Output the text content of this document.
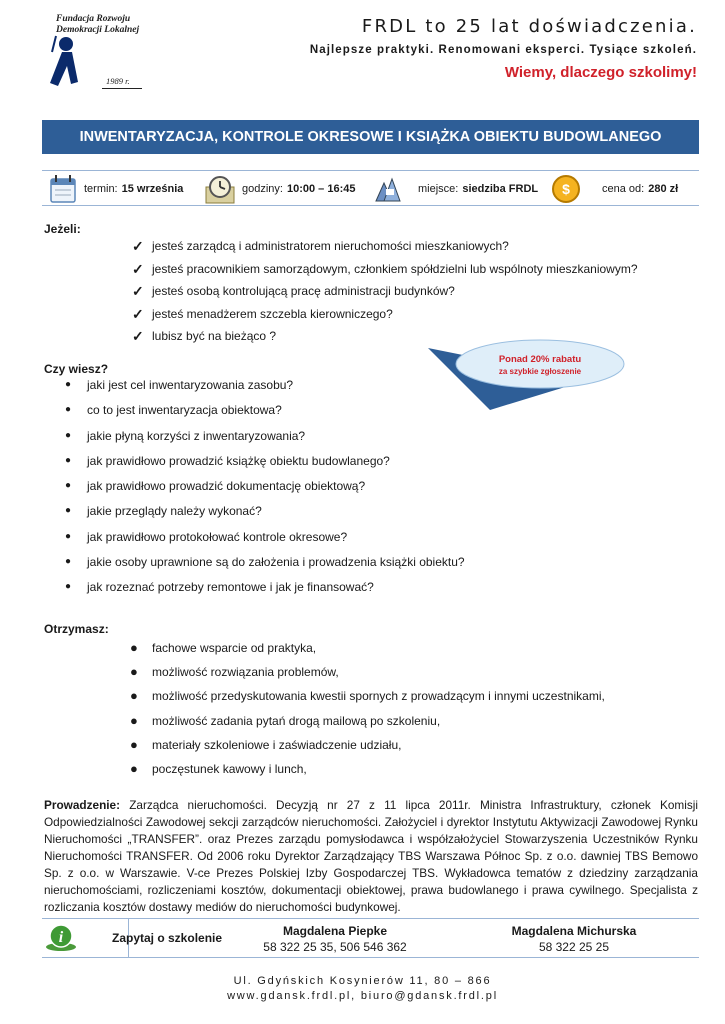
Fundacja Rozwoju
Demokracji Lokalnej
1989 r.
FRDL to 25 lat doświadczenia.
Najlepsze praktyki. Renomowani eksperci. Tysiące szkoleń.
Wiemy, dlaczego szkolimy!
INWENTARYZACJA, KONTROLE OKRESOWE I KSIĄŻKA OBIEKTU BUDOWLANEGO
termin: 15 września	godziny: 10:00 – 16:45	miejsce: siedziba FRDL $	cena od: 280 zł
Jeżeli:
✓ jesteś zarządcą i administratorem nieruchomości mieszkaniowych?
✓ jesteś pracownikiem samorządowym, członkiem spółdzielni lub wspólnoty mieszkaniowym?
✓ jesteś osobą kontrolującą pracę administracji budynków?
✓ jesteś menadżerem szczebla kierowniczego?
✓ lubisz być na bieżąco ?
Ponad 20% rabatu
za szybkie zgłoszenie
Czy wiesz?
● jaki jest cel inwentaryzowania zasobu?
● co to jest inwentaryzacja obiektowa?
● jakie płyną korzyści z inwentaryzowania?
● jak prawidłowo prowadzić książkę obiektu budowlanego?
● jak prawidłowo prowadzić dokumentację obiektową?
● jakie przeglądy należy wykonać?
● jak prawidłowo protokołować kontrole okresowe?
● jakie osoby uprawnione są do założenia i prowadzenia książki obiektu?
● jak rozeznać potrzeby remontowe i jak je finansować?
Otrzymasz:
● fachowe wsparcie od praktyka,
● możliwość rozwiązania problemów,
● możliwość przedyskutowania kwestii spornych z prowadzącym i innymi uczestnikami,
● możliwość zadania pytań drogą mailową po szkoleniu,
● materiały szkoleniowe i zaświadczenie udziału,
● poczęstunek kawowy i lunch,

Prowadzenie: Zarządca nieruchomości. Decyzją nr 27 z 11 lipca 2011r. Ministra Infrastruktury, członek Komisji Odpowiedzialności Zawodowej sekcji zarządców nieruchomości. Założyciel i dyrektor Instytutu Aktywizacji Zawodowej Rynku Nieruchomości „TRANSFER”. oraz Prezes zarządu pomysłodawca i współzałożyciel Stowarzyszenia Uczestników Rynku Nieruchomości TRANSFER. Od 2006 roku Dyrektor Zarządzający TBS Warszawa Północ Sp. z o.o. dawniej TBS Bemowo Sp. z o.o. w Warszawie. V-ce Prezes Polskiej Izby Gospodarczej TBS. Wykładowca tematów z dziedziny zarządzania nieruchomościami, rozliczeniami kosztów, dokumentacji obiektowej, prawa budowlanego i prawa cywilnego. Specjalista z rozliczania kosztów dostawy mediów do nieruchomości budynkowej.

i	Zapytaj o szkolenie	Magdalena Piepke
58 322 25 35, 506 546 362
Magdalena Michurska
58 322 25 25
Ul. Gdyńskich Kosynierów 11, 80 – 866
www.gdansk.frdl.pl, biuro@gdansk.frdl.pl
